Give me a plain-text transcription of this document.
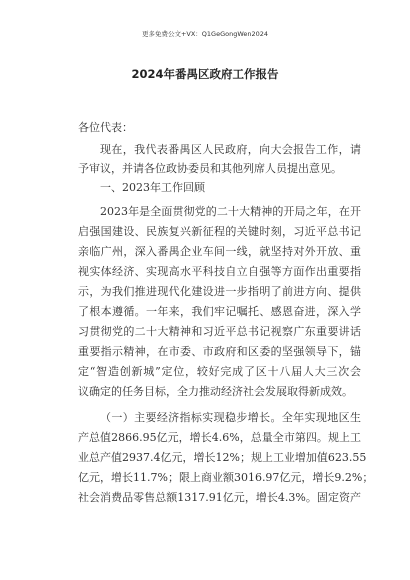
更多免费公文+VX：Q1GeGongWen2024
2024年番禺区政府工作报告
各位代表：
现在，我代表番禺区人民政府，向大会报告工作，请
予审议，并请各位政协委员和其他列席人员提出意见。
一、2023年工作回顾
2023年是全面贯彻党的二十大精神的开局之年，在开
启强国建设、民族复兴新征程的关键时刻，习近平总书记
亲临广州，深入番禺企业车间一线，就坚持对外开放、重
视实体经济、实现高水平科技自立自强等方面作出重要指
示，为我们推进现代化建设进一步指明了前进方向、提供
了根本遵循。一年来，我们牢记嘱托、感恩奋进，深入学
习贯彻党的二十大精神和习近平总书记视察广东重要讲话
重要指示精神，在市委、市政府和区委的坚强领导下，锚
定“智造创新城”定位，较好完成了区十八届人大三次会
议确定的任务目标，全力推动经济社会发展取得新成效。
（一）主要经济指标实现稳步增长。全年实现地区生
产总值2866.95亿元，增长4.6%，总量全市第四。规上工
业总产值2937.4亿元，增长12%；规上工业增加值623.55
亿元，增长11.7%；限上商业额3016.97亿元，增长9.2%；
社会消费品零售总额1317.91亿元，增长4.3%。固定资产
